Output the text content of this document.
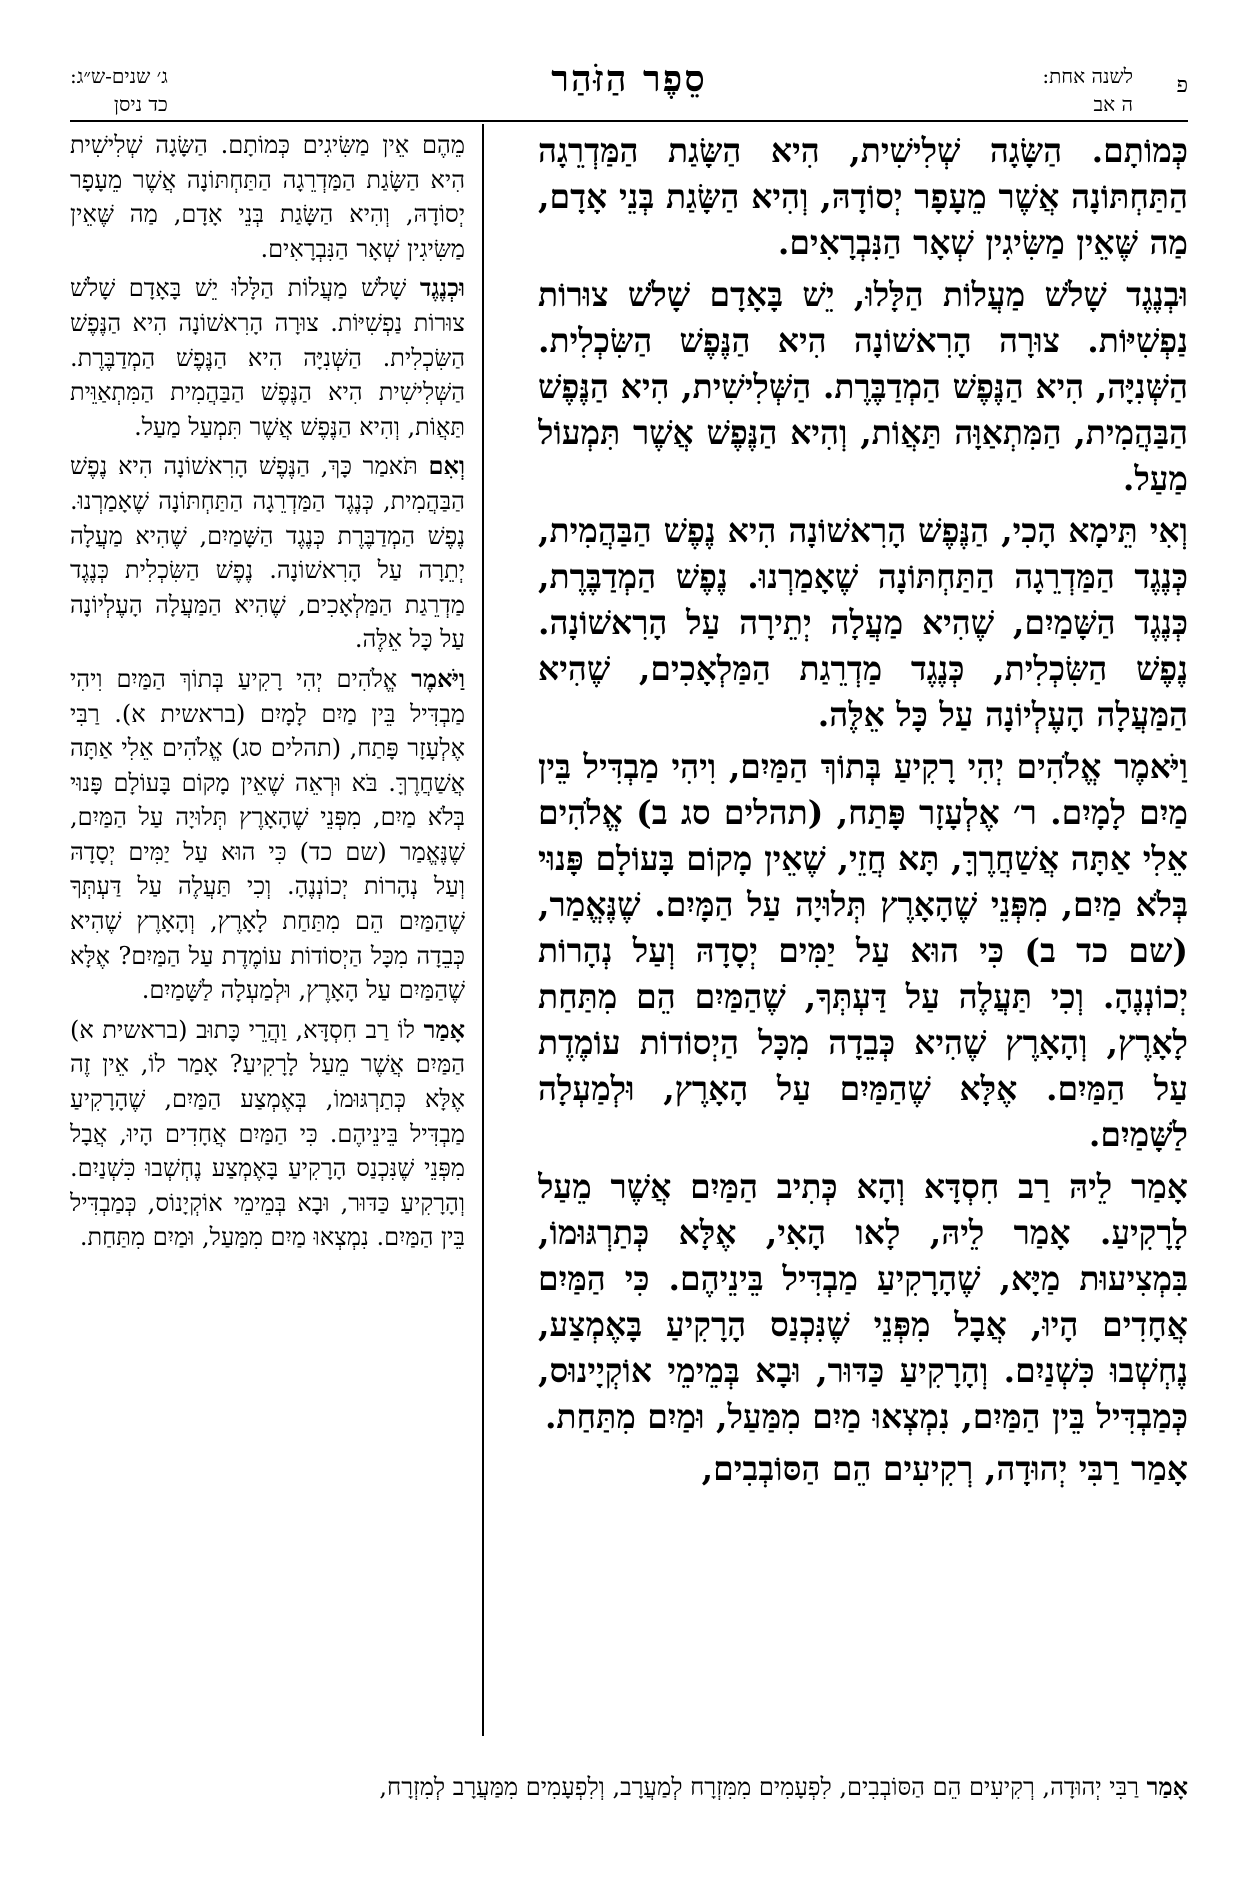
פ
לשנה אחת:
ה אב
סֵפֶר הַזֹּהַר
ג׳ שנים-ש״ג:
כד ניסן

כְּמוֹתָם. הַשָּׂגָה שְׁלִישִׁית, הִיא הַשָּׂגַת הַמַּדְרֵגָה הַתַּחְתּוֹנָה אֲשֶׁר מֵעָפָר יְסוֹדָהּ, וְהִיא הַשָּׂגַת בְּנֵי אָדָם, מַה שֶּׁאֵין מַשִּׂיגִין שְׁאָר הַנִּבְרָאִים.

וּבְנֶגֶד שָׁלֹשׁ מַעֲלוֹת הַלָּלוּ, יֵשׁ בָּאָדָם שָׁלֹשׁ צוּרוֹת נַפְשִׁיּוֹת. צוּרָה הָרִאשׁוֹנָה הִיא הַנֶּפֶשׁ הַשִּׂכְלִית. הַשְּׁנִיָּה, הִיא הַנֶּפֶשׁ הַמְדַבֶּרֶת. הַשְּׁלִישִׁית, הִיא הַנֶּפֶשׁ הַבַּהֲמִית, הַמִּתְאַוָּה תַּאֲוֹת, וְהִיא הַנֶּפֶשׁ אֲשֶׁר תִּמְעוֹל מַעַל.

וְאִי תֵּימָא הָכִי, הַנֶּפֶשׁ הָרִאשׁוֹנָה הִיא נֶפֶשׁ הַבַּהֲמִית, כְּנֶגֶד הַמַּדְרֵגָה הַתַּחְתּוֹנָה שֶׁאָמַרְנוּ. נֶפֶשׁ הַמְדַבֶּרֶת, כְּנֶגֶד הַשָּׁמַיִם, שֶׁהִיא מַעֲלָה יְתֵירָה עַל הָרִאשׁוֹנָה. נֶפֶשׁ הַשִּׂכְלִית, כְּנֶגֶד מַדְרֵגַת הַמַּלְאָכִים, שֶׁהִיא הַמַּעֲלָה הָעֶלְיוֹנָה עַל כָּל אֵלֶּה.

וַיֹּאמֶר אֱלֹהִים יְהִי רָקִיעַ בְּתוֹךְ הַמַּיִם, וִיהִי מַבְדִּיל בֵּין מַיִם לָמָיִם. ר׳ אֶלְעָזָר פָּתַח, (תהלים סג ב) אֱלֹהִים אֵלִי אַתָּה אֲשַׁחֲרֶךָּ, תָּא חֲזֵי, שֶׁאֵין מָקוֹם בָּעוֹלָם פָּנוּי בְּלֹא מַיִם, מִפְּנֵי שֶׁהָאָרֶץ תְּלוּיָה עַל הַמָּיִם. שֶׁנֶּאֱמַר, (שם כד ב) כִּי הוּא עַל יַמִּים יְסָדָהּ וְעַל נְהָרוֹת יְכוֹנְנֶהָ. וְכִי תַּעֲלֶה עַל דַּעְתְּךָ, שֶׁהַמַּיִם הֵם מִתַּחַת לָאָרֶץ, וְהָאָרֶץ שֶׁהִיא כְּבֵדָה מִכָּל הַיְסוֹדוֹת עוֹמֶדֶת עַל הַמַּיִם. אֶלָּא שֶׁהַמַּיִם עַל הָאָרֶץ, וּלְמַעְלָה לַשָּׁמַיִם.

אָמַר לֵיהּ רַב חִסְדָּא וְהָא כְּתִיב הַמַּיִם אֲשֶׁר מֵעַל לָרָקִיעַ. אָמַר לֵיהּ, לָאו הָאִי, אֶלָּא כְּתַרְגּוּמוֹ, בִּמְצִיעוּת מַיָּא, שֶׁהָרָקִיעַ מַבְדִּיל בֵּינֵיהֶם. כִּי הַמַּיִם אֲחָדִים הָיוּ, אֲבָל מִפְּנֵי שֶׁנִּכְנַס הָרָקִיעַ בָּאֶמְצַע, נֶחְשְׁבוּ כִּשְׁנַיִם. וְהָרָקִיעַ כַּדּוּר, וּבָא בְּמֵימֵי אוֹקְיָינוּס, כְּמַבְדִּיל בֵּין הַמַּיִם, נִמְצְאוּ מַיִם מִמַּעַל, וּמַיִם מִתַּחַת.

אָמַר רַבִּי יְהוּדָה, רְקִיעִים הֵם הַסּוֹבְבִים,

מֵהֶם אֵין מַשִּׂיגִים כְּמוֹתָם. הַשָּׂגָה שְׁלִישִׁית הִיא הַשָּׂגַת הַמַּדְרֵגָה הַתַּחְתּוֹנָה אֲשֶׁר מֵעָפָר יְסוֹדָהּ, וְהִיא הַשָּׂגַת בְּנֵי אָדָם, מַה שֶּׁאֵין מַשִּׂיגִין שְׁאָר הַנִּבְרָאִים.

וּכְנֶגֶד שָׁלֹשׁ מַעֲלוֹת הַלָּלוּ יֵשׁ בָּאָדָם שָׁלֹשׁ צוּרוֹת נַפְשִׁיּוֹת. צוּרָה הָרִאשׁוֹנָה הִיא הַנֶּפֶשׁ הַשִּׂכְלִית. הַשְּׁנִיָּה הִיא הַנֶּפֶשׁ הַמְדַבֶּרֶת. הַשְּׁלִישִׁית הִיא הַנֶּפֶשׁ הַבַּהֲמִית הַמִּתְאַוֵּית תַּאֲוֹת, וְהִיא הַנֶּפֶשׁ אֲשֶׁר תִּמְעַל מַעַל.

וְאִם תֹּאמַר כָּךְ, הַנֶּפֶשׁ הָרִאשׁוֹנָה הִיא נֶפֶשׁ הַבַּהֲמִית, כְּנֶגֶד הַמַּדְרֵגָה הַתַּחְתּוֹנָה שֶׁאָמַרְנוּ. נֶפֶשׁ הַמְדַבֶּרֶת כְּנֶגֶד הַשָּׁמַיִם, שֶׁהִיא מַעֲלָה יְתֵרָה עַל הָרִאשׁוֹנָה. נֶפֶשׁ הַשִּׂכְלִית כְּנֶגֶד מַדְרֵגַת הַמַּלְאָכִים, שֶׁהִיא הַמַּעֲלָה הָעֶלְיוֹנָה עַל כָּל אֵלֶּה.

וַיֹּאמֶר אֱלֹהִים יְהִי רָקִיעַ בְּתוֹךְ הַמַּיִם וִיהִי מַבְדִּיל בֵּין מַיִם לָמָיִם (בראשית א). רַבִּי אֶלְעָזָר פָּתַח, (תהלים סג) אֱלֹהִים אֵלִי אַתָּה אֲשַׁחֲרֶךָּ. בֹּא וּרְאֵה שֶׁאֵין מָקוֹם בָּעוֹלָם פָּנוּי בְּלֹא מַיִם, מִפְּנֵי שֶׁהָאָרֶץ תְּלוּיָה עַל הַמַּיִם, שֶׁנֶּאֱמַר (שם כד) כִּי הוּא עַל יַמִּים יְסָדָהּ וְעַל נְהָרוֹת יְכוֹנְנֶהָ. וְכִי תַּעֲלֶה עַל דַּעְתְּךָ שֶׁהַמַּיִם הֵם מִתַּחַת לָאָרֶץ, וְהָאָרֶץ שֶׁהִיא כְּבֵדָה מִכָּל הַיְסוֹדוֹת עוֹמֶדֶת עַל הַמַּיִם? אֶלָּא שֶׁהַמַּיִם עַל הָאָרֶץ, וּלְמַעְלָה לַשָּׁמַיִם.

אָמַר לוֹ רַב חִסְדָּא, וַהֲרֵי כָּתוּב (בראשית א) הַמַּיִם אֲשֶׁר מֵעַל לָרָקִיעַ? אָמַר לוֹ, אֵין זֶה אֶלָּא כְּתַרְגּוּמוֹ, בְּאֶמְצַע הַמַּיִם, שֶׁהָרָקִיעַ מַבְדִּיל בֵּינֵיהֶם. כִּי הַמַּיִם אֲחָדִים הָיוּ, אֲבָל מִפְּנֵי שֶׁנִּכְנַס הָרָקִיעַ בָּאֶמְצַע נֶחְשְׁבוּ כִּשְׁנַיִם. וְהָרָקִיעַ כַּדּוּר, וּבָא בְּמֵימֵי אוֹקְיָנוֹס, כְּמַבְדִּיל בֵּין הַמַּיִם. נִמְצְאוּ מַיִם מִמַּעַל, וּמַיִם מִתַּחַת.

אָמַר רַבִּי יְהוּדָה, רְקִיעִים הֵם הַסּוֹבְבִים, לִפְעָמִים מִמִּזְרָח לְמַעֲרָב, וְלִפְעָמִים מִמַּעֲרָב לְמִזְרָח,
